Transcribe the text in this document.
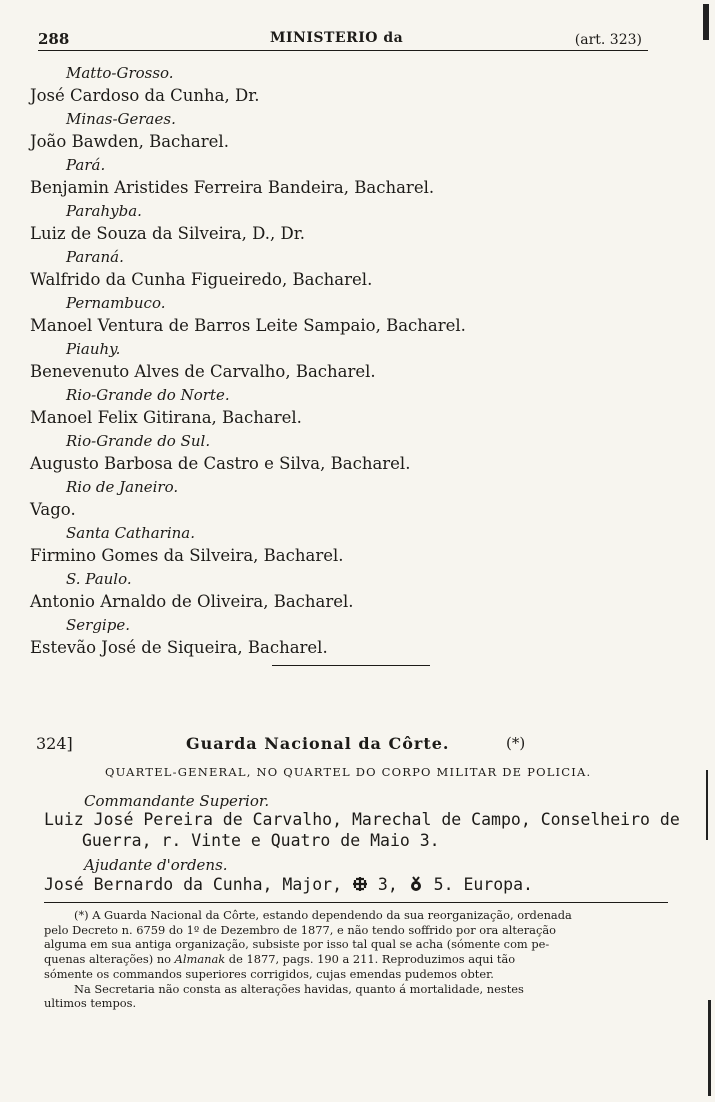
288	MINISTERIO da	(art. 323)
Matto-Grosso.
José Cardoso da Cunha, Dr.
Minas-Geraes.
João Bawden, Bacharel.
Pará.
Benjamin Aristides Ferreira Bandeira, Bacharel.
Parahyba.
Luiz de Souza da Silveira, D., Dr.
Paraná.
Walfrido da Cunha Figueiredo, Bacharel.
Pernambuco.
Manoel Ventura de Barros Leite Sampaio, Bacharel.
Piauhy.
Benevenuto Alves de Carvalho, Bacharel.
Rio-Grande do Norte.
Manoel Felix Gitirana, Bacharel.
Rio-Grande do Sul.
Augusto Barbosa de Castro e Silva, Bacharel.
Rio de Janeiro.
Vago.
Santa Catharina.
Firmino Gomes da Silveira, Bacharel.
S. Paulo.
Antonio Arnaldo de Oliveira, Bacharel.
Sergipe.
Estevão José de Siqueira, Bacharel.
324]	Guarda Nacional da Côrte.	(*)
QUARTEL-GENERAL, NO QUARTEL DO CORPO MILITAR DE POLICIA.
Commandante Superior.
Luiz José Pereira de Carvalho, Marechal de Campo, Conselheiro de
Guerra, r. Vinte e Quatro de Maio 3.
Ajudante d'ordens.
José Bernardo da Cunha, Major, 3, 5. Europa.
(*) A Guarda Nacional da Côrte, estando dependendo da sua reorganização, ordenada
pelo Decreto n. 6759 do 1º de Dezembro de 1877, e não tendo soffrido por ora alteração
alguma em sua antiga organização, subsiste por isso tal qual se acha (sómente com pe-
quenas alterações) no Almanak de 1877, pags. 190 a 211. Reproduzimos aqui tão
sómente os commandos superiores corrigidos, cujas emendas pudemos obter.
Na Secretaria não consta as alterações havidas, quanto á mortalidade, nestes
ultimos tempos.
